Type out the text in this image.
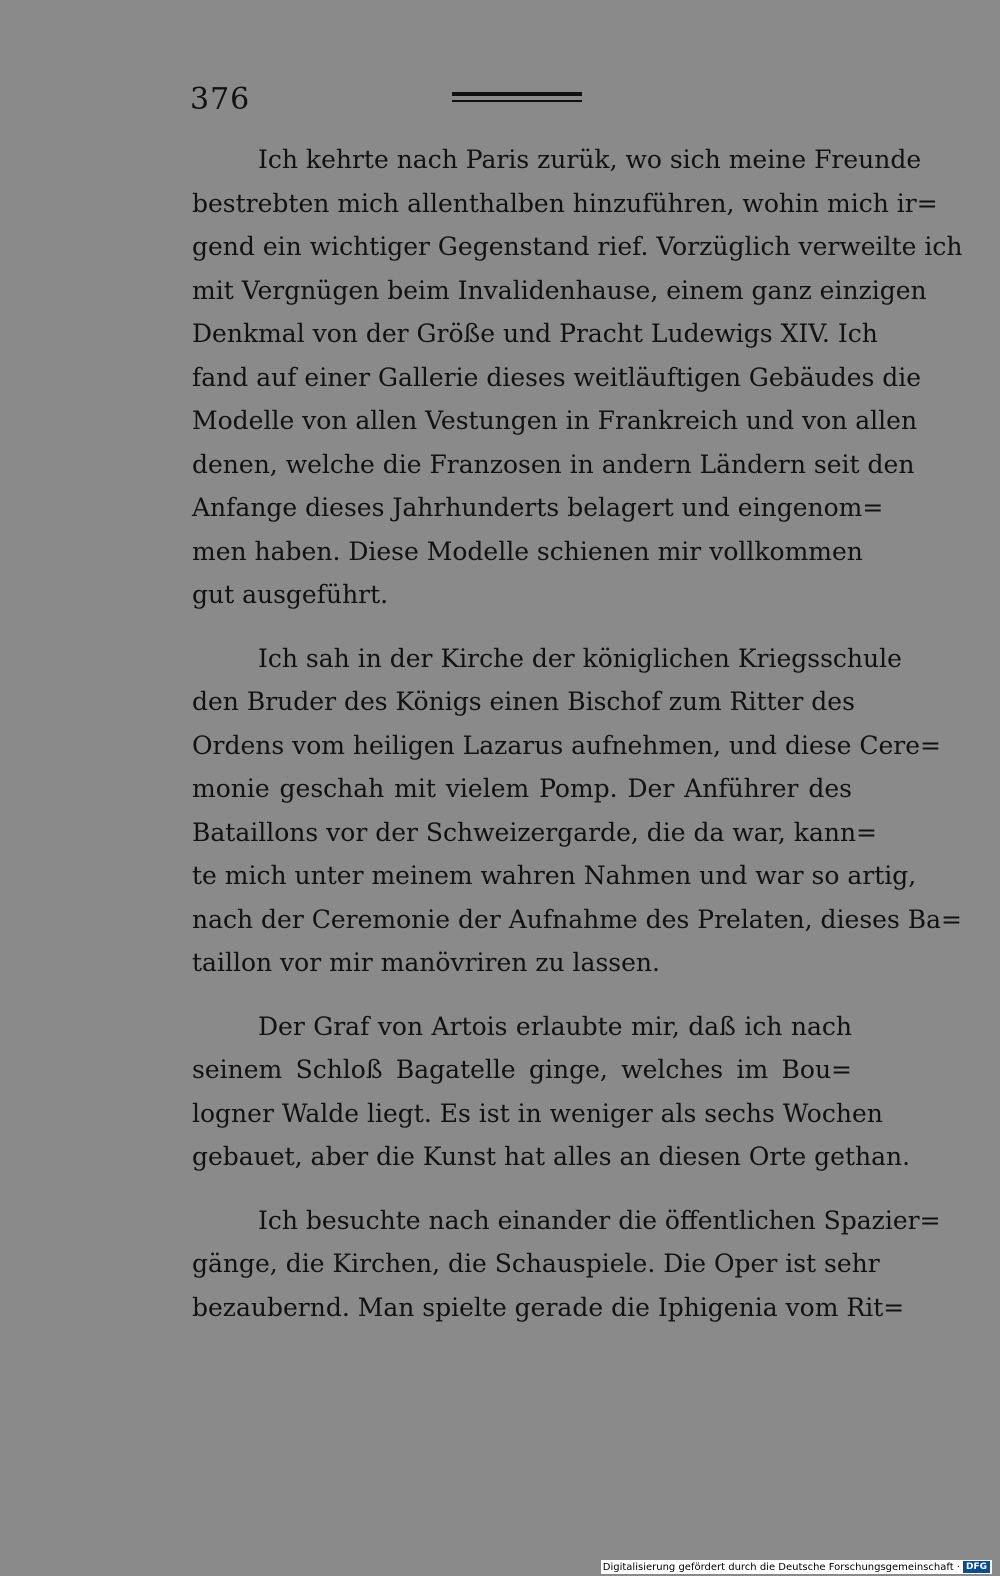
376
Ich kehrte nach Paris zurük, wo sich meine Freunde
bestrebten mich allenthalben hinzuführen, wohin mich ir=
gend ein wichtiger Gegenstand rief. Vorzüglich verweilte ich
mit Vergnügen beim Invalidenhause, einem ganz einzigen
Denkmal von der Größe und Pracht Ludewigs XIV. Ich
fand auf einer Gallerie dieses weitläuftigen Gebäudes die
Modelle von allen Vestungen in Frankreich und von allen
denen, welche die Franzosen in andern Ländern seit den
Anfange dieses Jahrhunderts belagert und eingenom=
men haben. Diese Modelle schienen mir vollkommen
gut ausgeführt.
Ich sah in der Kirche der königlichen Kriegsschule
den Bruder des Königs einen Bischof zum Ritter des
Ordens vom heiligen Lazarus aufnehmen, und diese Cere=
monie geschah mit vielem Pomp. Der Anführer des
Bataillons vor der Schweizergarde, die da war, kann=
te mich unter meinem wahren Nahmen und war so artig,
nach der Ceremonie der Aufnahme des Prelaten, dieses Ba=
taillon vor mir manövriren zu lassen.
Der Graf von Artois erlaubte mir, daß ich nach
seinem Schloß Bagatelle ginge, welches im Bou=
logner Walde liegt. Es ist in weniger als sechs Wochen
gebauet, aber die Kunst hat alles an diesen Orte gethan.
Ich besuchte nach einander die öffentlichen Spazier=
gänge, die Kirchen, die Schauspiele. Die Oper ist sehr
bezaubernd. Man spielte gerade die Iphigenia vom Rit=
Digitalisierung gefördert durch die Deutsche Forschungsgemeinschaft · DFG
